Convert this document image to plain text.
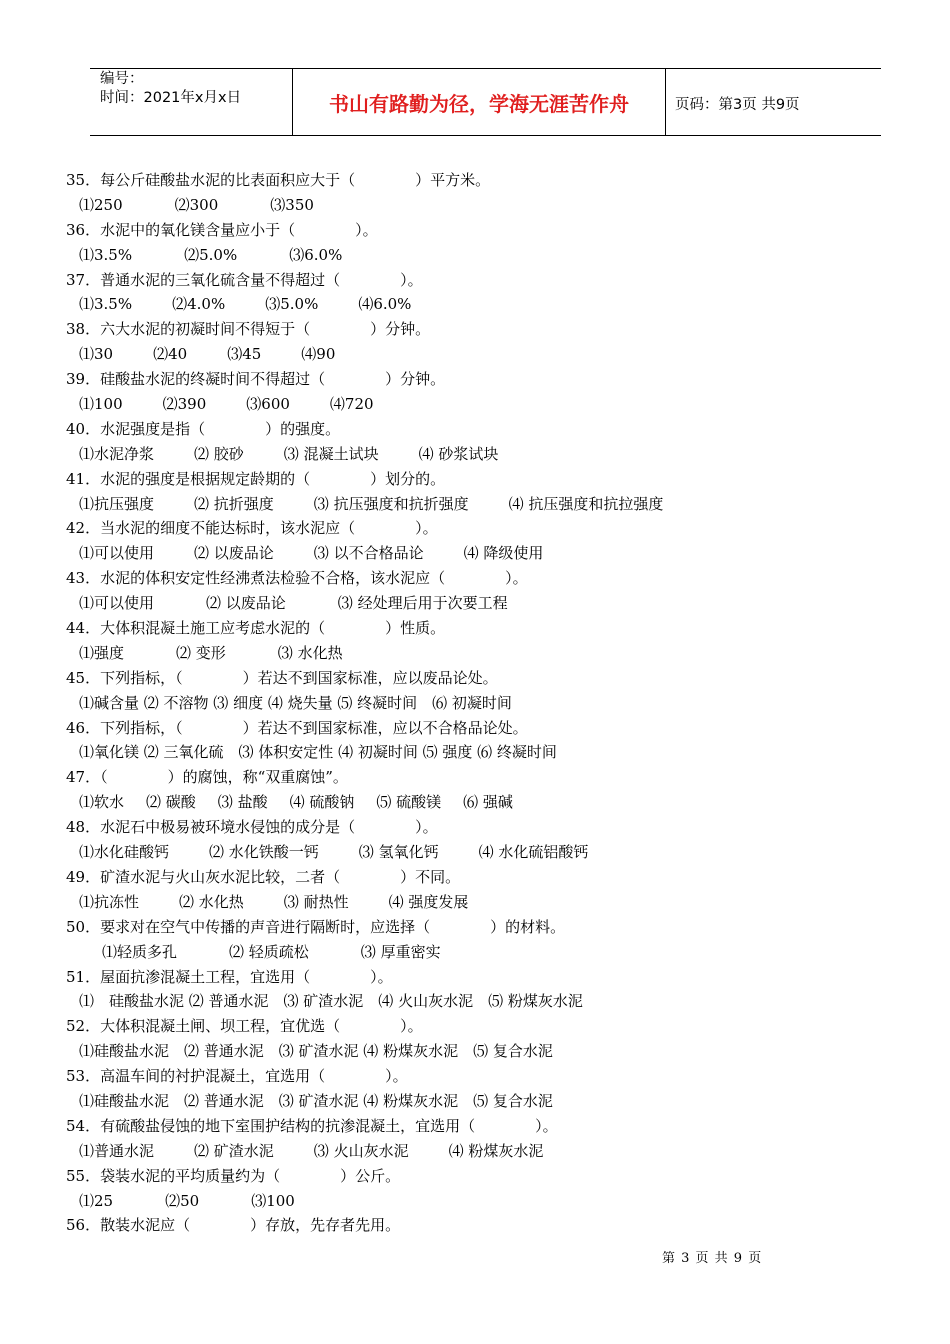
编号：
时间：2021年x月x日	书山有路勤为径，学海无涯苦作舟	页码：第3页 共9页
35．每公斤硅酸盐水泥的比表面积应大于（　　　　）平方米。
⑴250	⑵300	⑶350
36．水泥中的氧化镁含量应小于（　　　　）。
⑴3.5%	⑵5.0%	⑶6.0%
37．普通水泥的三氧化硫含量不得超过（　　　　）。
⑴3.5%	⑵4.0%	⑶5.0%	⑷6.0%
38．六大水泥的初凝时间不得短于（　　　　）分钟。
⑴30	⑵40	⑶45	⑷90
39．硅酸盐水泥的终凝时间不得超过（　　　　）分钟。
⑴100	⑵390	⑶600	⑷720
40．水泥强度是指（　　　　）的强度。
⑴水泥净浆	⑵ 胶砂	⑶ 混凝土试块	⑷ 砂浆试块
41．水泥的强度是根据规定龄期的（　　　　）划分的。
⑴抗压强度	⑵ 抗折强度	⑶ 抗压强度和抗折强度	⑷ 抗压强度和抗拉强度
42．当水泥的细度不能达标时，该水泥应（　　　　）。
⑴可以使用	⑵ 以废品论	⑶ 以不合格品论	⑷ 降级使用
43．水泥的体积安定性经沸煮法检验不合格，该水泥应（　　　　）。
⑴可以使用	⑵ 以废品论	⑶ 经处理后用于次要工程
44．大体积混凝土施工应考虑水泥的（　　　　）性质。
⑴强度	⑵ 变形	⑶ 水化热
45．下列指标，（　　　　）若达不到国家标准，应以废品论处。
⑴碱含量 ⑵ 不溶物 ⑶ 细度 ⑷ 烧失量 ⑸ 终凝时间　⑹ 初凝时间
46．下列指标，（　　　　）若达不到国家标准，应以不合格品论处。
⑴氧化镁 ⑵ 三氧化硫　⑶ 体积安定性 ⑷ 初凝时间 ⑸ 强度 ⑹ 终凝时间
47．（　　　　）的腐蚀，称“双重腐蚀”。
⑴软水 ⑵ 碳酸 ⑶ 盐酸 ⑷ 硫酸钠 ⑸ 硫酸镁 ⑹ 强碱
48．水泥石中极易被环境水侵蚀的成分是（　　　　）。
⑴水化硅酸钙	⑵ 水化铁酸一钙	⑶ 氢氧化钙	⑷ 水化硫铝酸钙
49．矿渣水泥与火山灰水泥比较，二者（　　　　）不同。
⑴抗冻性	⑵ 水化热	⑶ 耐热性	⑷ 强度发展
50．要求对在空气中传播的声音进行隔断时，应选择（　　　　）的材料。
⑴轻质多孔	⑵ 轻质疏松	⑶ 厚重密实
51．屋面抗渗混凝土工程，宜选用（　　　　）。
⑴　硅酸盐水泥 ⑵ 普通水泥　⑶ 矿渣水泥　⑷ 火山灰水泥　⑸ 粉煤灰水泥
52．大体积混凝土闸、坝工程，宜优选（　　　　）。
⑴硅酸盐水泥　⑵ 普通水泥　⑶ 矿渣水泥 ⑷ 粉煤灰水泥　⑸ 复合水泥
53．高温车间的衬护混凝土，宜选用（　　　　）。
⑴硅酸盐水泥　⑵ 普通水泥　⑶ 矿渣水泥 ⑷ 粉煤灰水泥　⑸ 复合水泥
54．有硫酸盐侵蚀的地下室围护结构的抗渗混凝土，宜选用（　　　　）。
⑴普通水泥	⑵ 矿渣水泥	⑶ 火山灰水泥	⑷ 粉煤灰水泥
55．袋装水泥的平均质量约为（　　　　）公斤。
⑴25	⑵50	⑶100
56．散装水泥应（　　　　）存放，先存者先用。
第 3 页 共 9 页
